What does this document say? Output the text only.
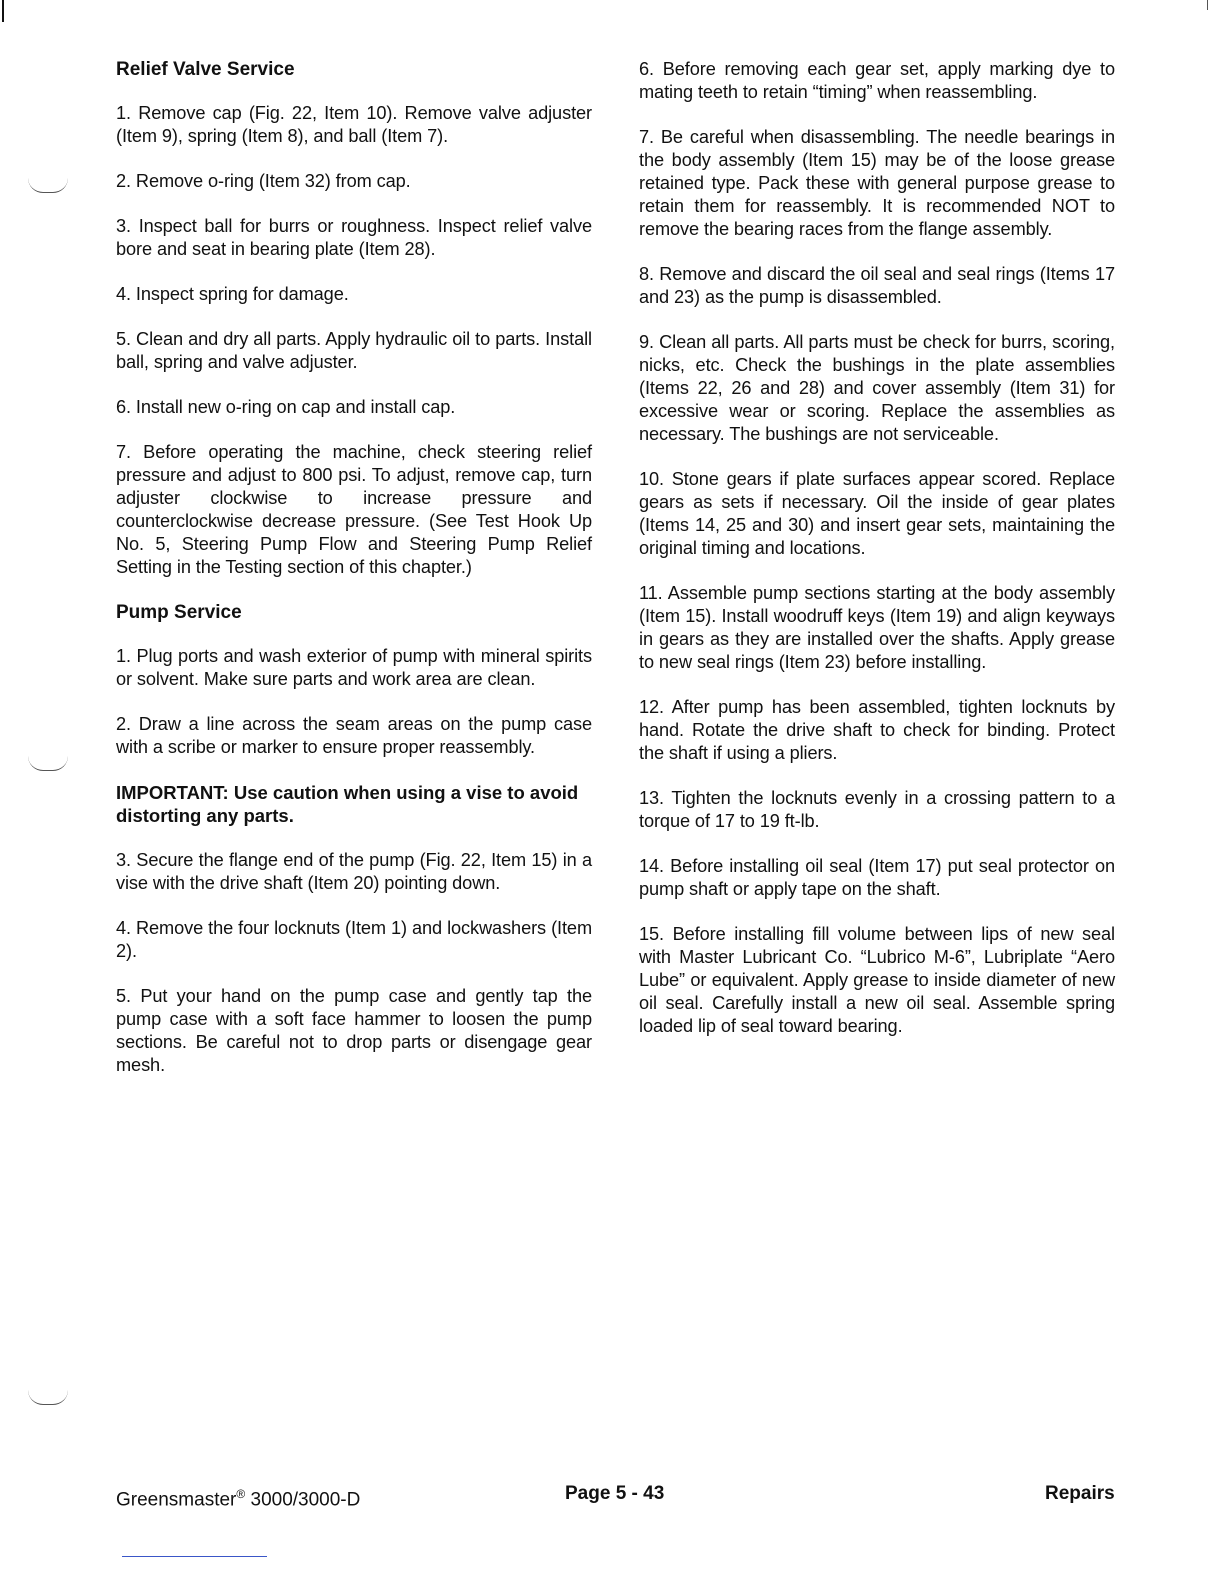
Relief Valve Service

1. Remove cap (Fig. 22, Item 10). Remove valve adjuster (Item 9), spring (Item 8), and ball (Item 7).

2. Remove o-ring (Item 32) from cap.

3. Inspect ball for burrs or roughness. Inspect relief valve bore and seat in bearing plate (Item 28).

4. Inspect spring for damage.

5. Clean and dry all parts. Apply hydraulic oil to parts. Install ball, spring and valve adjuster.

6. Install new o-ring on cap and install cap.

7. Before operating the machine, check steering relief pressure and adjust to 800 psi. To adjust, remove cap, turn adjuster clockwise to increase pressure and counterclockwise decrease pressure. (See Test Hook Up No. 5, Steering Pump Flow and Steering Pump Relief Setting in the Testing section of this chapter.)

Pump Service

1. Plug ports and wash exterior of pump with mineral spirits or solvent. Make sure parts and work area are clean.

2. Draw a line across the seam areas on the pump case with a scribe or marker to ensure proper reassembly.

IMPORTANT: Use caution when using a vise to avoid distorting any parts.

3. Secure the flange end of the pump (Fig. 22, Item 15) in a vise with the drive shaft (Item 20) pointing down.

4. Remove the four locknuts (Item 1) and lockwashers (Item 2).

5. Put your hand on the pump case and gently tap the pump case with a soft face hammer to loosen the pump sections. Be careful not to drop parts or disengage gear mesh.

6. Before removing each gear set, apply marking dye to mating teeth to retain “timing” when reassembling.

7. Be careful when disassembling. The needle bearings in the body assembly (Item 15) may be of the loose grease retained type. Pack these with general purpose grease to retain them for reassembly. It is recommended NOT to remove the bearing races from the flange assembly.

8. Remove and discard the oil seal and seal rings (Items 17 and 23) as the pump is disassembled.

9. Clean all parts. All parts must be check for burrs, scoring, nicks, etc. Check the bushings in the plate assemblies (Items 22, 26 and 28) and cover assembly (Item 31) for excessive wear or scoring. Replace the assemblies as necessary. The bushings are not serviceable.

10. Stone gears if plate surfaces appear scored. Replace gears as sets if necessary. Oil the inside of gear plates (Items 14, 25 and 30) and insert gear sets, maintaining the original timing and locations.

11. Assemble pump sections starting at the body assembly (Item 15). Install woodruff keys (Item 19) and align keyways in gears as they are installed over the shafts. Apply grease to new seal rings (Item 23) before installing.

12. After pump has been assembled, tighten locknuts by hand. Rotate the drive shaft to check for binding. Protect the shaft if using a pliers.

13. Tighten the locknuts evenly in a crossing pattern to a torque of 17 to 19 ft-lb.

14. Before installing oil seal (Item 17) put seal protector on pump shaft or apply tape on the shaft.

15. Before installing fill volume between lips of new seal with Master Lubricant Co. “Lubrico M-6”, Lubriplate “Aero Lube” or equivalent. Apply grease to inside diameter of new oil seal. Carefully install a new oil seal. Assemble spring loaded lip of seal toward bearing.

Greensmaster® 3000/3000-D	Page 5 - 43	Repairs
